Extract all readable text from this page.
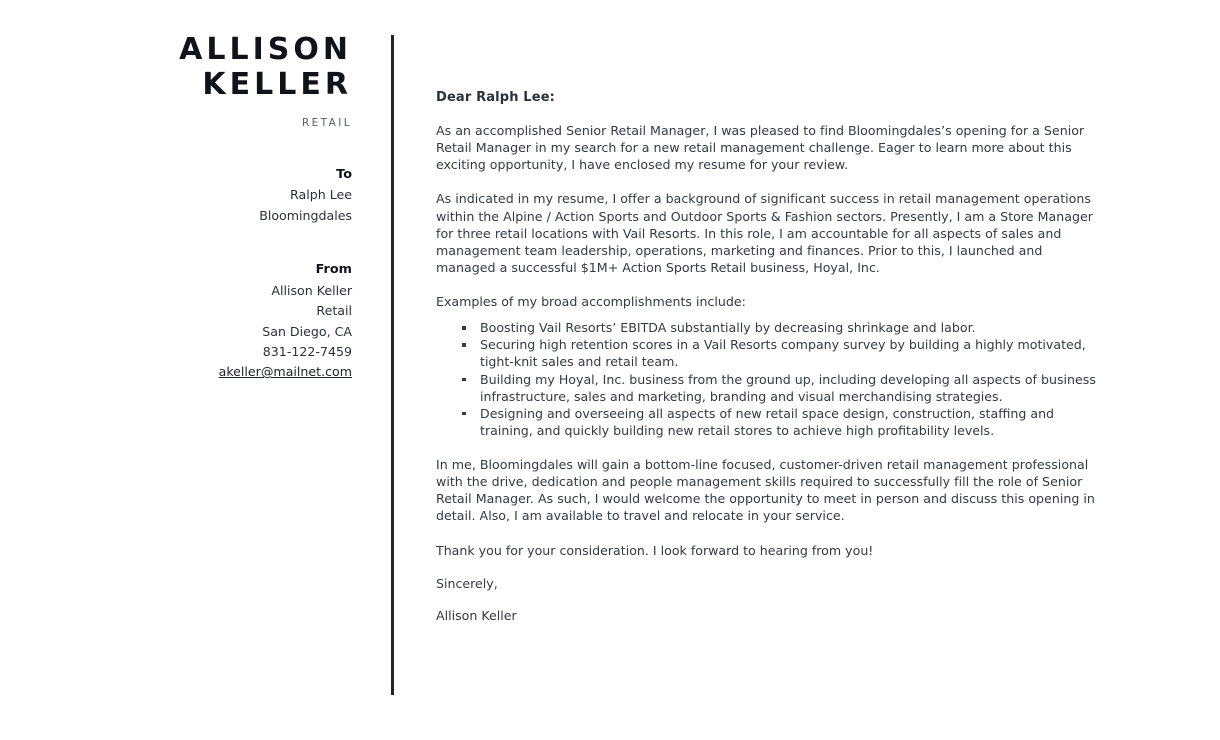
ALLISON
KELLER
RETAIL
To
Ralph Lee
Bloomingdales
From
Allison Keller
Retail
San Diego, CA
831-122-7459
akeller@mailnet.com

Dear Ralph Lee:

As an accomplished Senior Retail Manager, I was pleased to find Bloomingdales’s opening for a Senior Retail Manager in my search for a new retail management challenge. Eager to learn more about this exciting opportunity, I have enclosed my resume for your review.

As indicated in my resume, I offer a background of significant success in retail management operations within the Alpine / Action Sports and Outdoor Sports & Fashion sectors. Presently, I am a Store Manager for three retail locations with Vail Resorts. In this role, I am accountable for all aspects of sales and management team leadership, operations, marketing and finances. Prior to this, I launched and managed a successful $1M+ Action Sports Retail business, Hoyal, Inc.

Examples of my broad accomplishments include:

Boosting Vail Resorts’ EBITDA substantially by decreasing shrinkage and labor.
Securing high retention scores in a Vail Resorts company survey by building a highly motivated, tight-knit sales and retail team.
Building my Hoyal, Inc. business from the ground up, including developing all aspects of business infrastructure, sales and marketing, branding and visual merchandising strategies.
Designing and overseeing all aspects of new retail space design, construction, staffing and training, and quickly building new retail stores to achieve high profitability levels.

In me, Bloomingdales will gain a bottom-line focused, customer-driven retail management professional with the drive, dedication and people management skills required to successfully fill the role of Senior Retail Manager. As such, I would welcome the opportunity to meet in person and discuss this opening in detail. Also, I am available to travel and relocate in your service.

Thank you for your consideration. I look forward to hearing from you!

Sincerely,

Allison Keller
